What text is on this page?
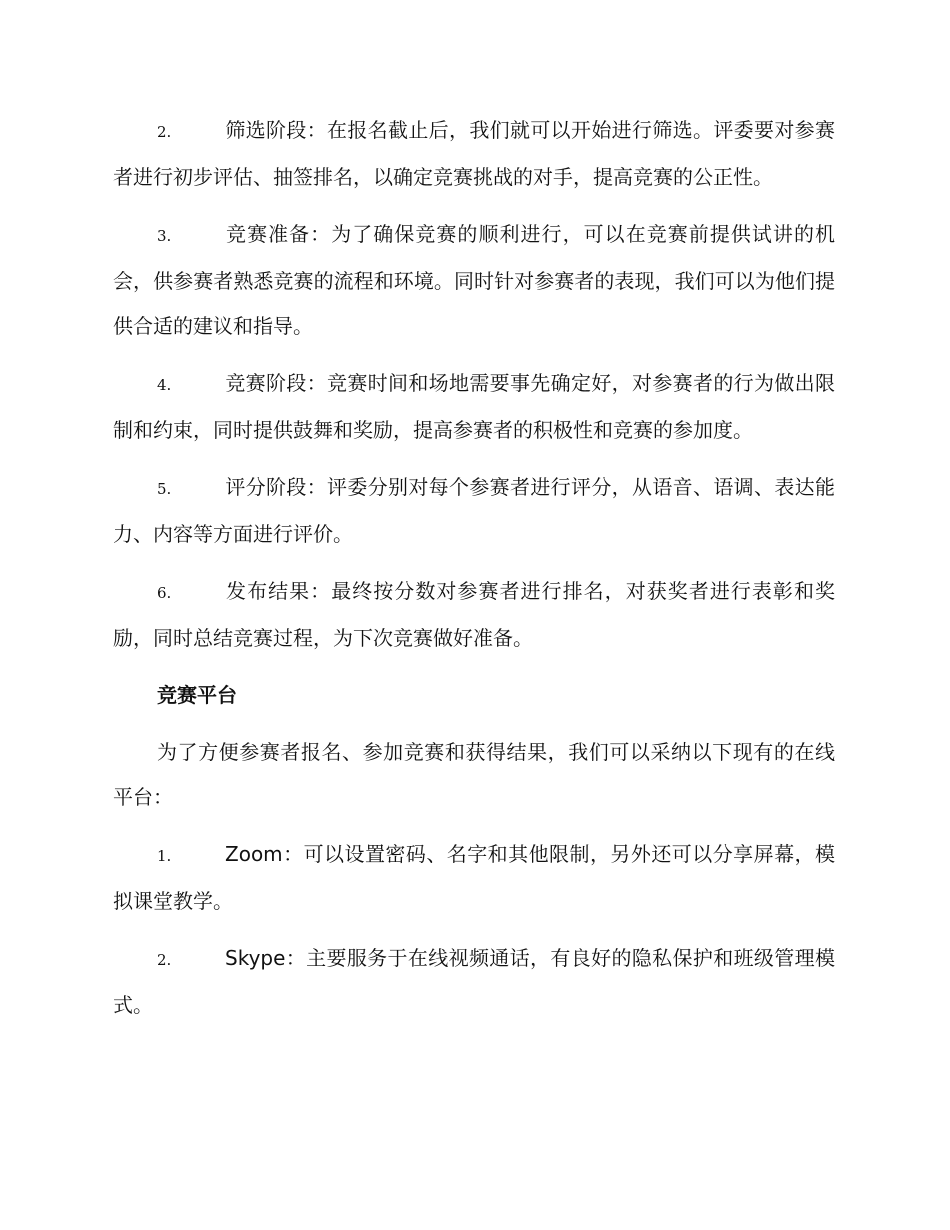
2.	筛选阶段：在报名截止后，我们就可以开始进行筛选。评委要对参赛者进行初步评估、抽签排名，以确定竞赛挑战的对手，提高竞赛的公正性。

3.	竞赛准备：为了确保竞赛的顺利进行，可以在竞赛前提供试讲的机会，供参赛者熟悉竞赛的流程和环境。同时针对参赛者的表现，我们可以为他们提供合适的建议和指导。

4.	竞赛阶段：竞赛时间和场地需要事先确定好，对参赛者的行为做出限制和约束，同时提供鼓舞和奖励，提高参赛者的积极性和竞赛的参加度。

5.	评分阶段：评委分别对每个参赛者进行评分，从语音、语调、表达能力、内容等方面进行评价。

6.	发布结果：最终按分数对参赛者进行排名，对获奖者进行表彰和奖励，同时总结竞赛过程，为下次竞赛做好准备。

竞赛平台

为了方便参赛者报名、参加竞赛和获得结果，我们可以采纳以下现有的在线平台：

1.	Zoom：可以设置密码、名字和其他限制，另外还可以分享屏幕，模拟课堂教学。

2.	Skype：主要服务于在线视频通话，有良好的隐私保护和班级管理模式。
